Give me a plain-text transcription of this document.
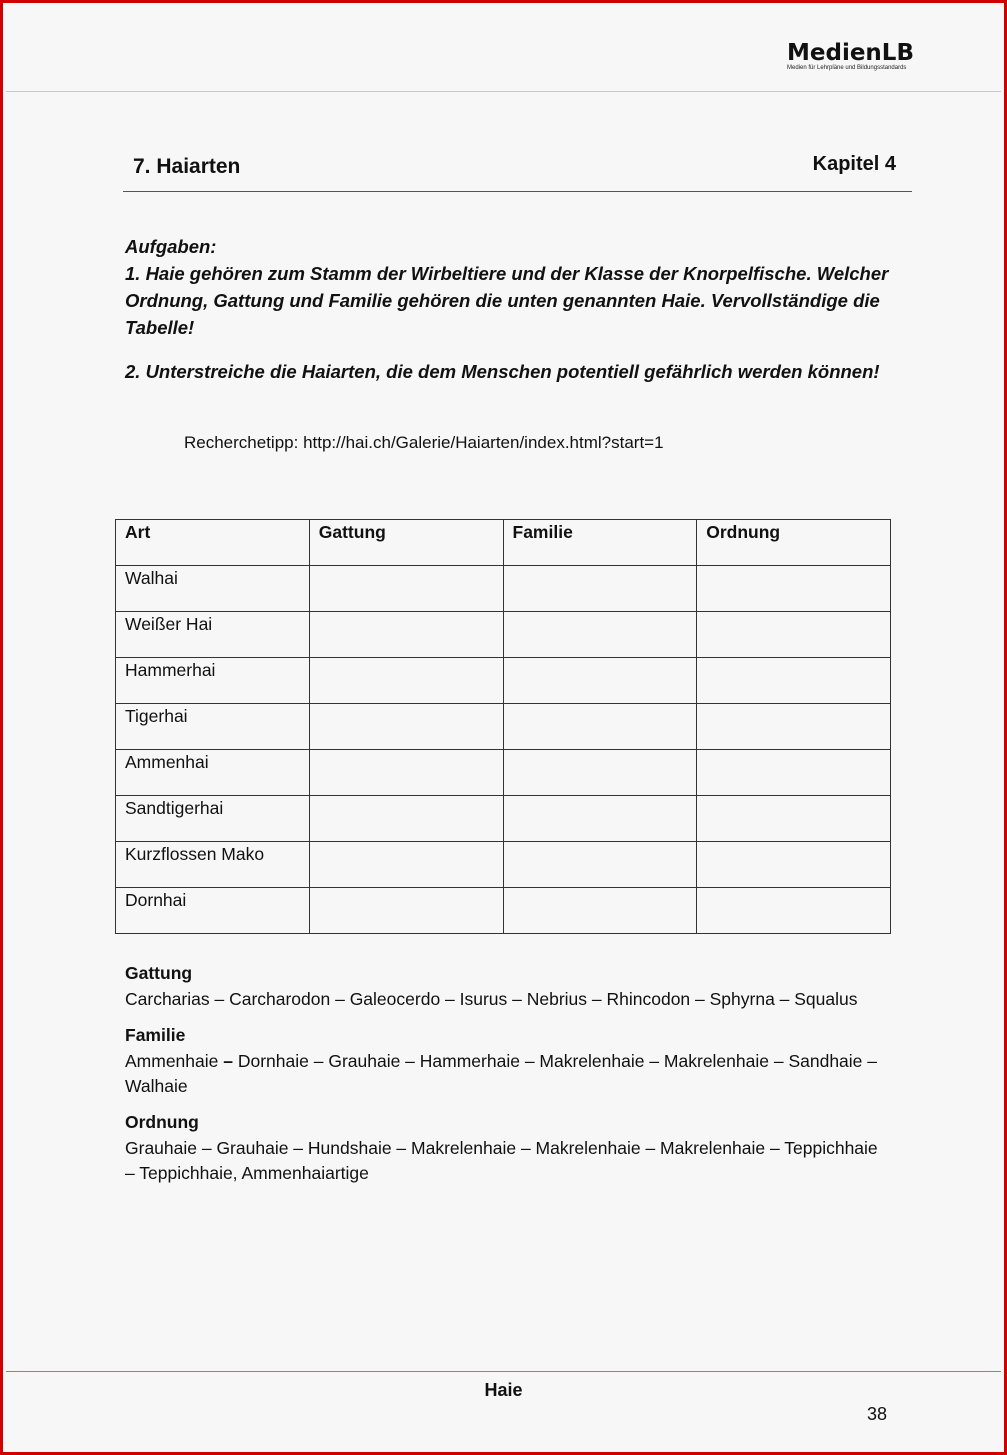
MedienLB
Medien für Lehrpläne und Bildungsstandards
7. Haiarten	Kapitel 4

Aufgaben:

1. Haie gehören zum Stamm der Wirbeltiere und der Klasse der Knorpelfische. Welcher Ordnung, Gattung und Familie gehören die unten genannten Haie. Vervollständige die Tabelle!

2. Unterstreiche die Haiarten, die dem Menschen potentiell gefährlich werden können!

Recherchetipp: http://hai.ch/Galerie/Haiarten/index.html?start=1
Art	Gattung	Familie	Ordnung
Walhai			
Weißer Hai			
Hammerhai			
Tigerhai			
Ammenhai			
Sandtigerhai			
Kurzflossen Mako			
Dornhai			
Gattung
Carcharias – Carcharodon – Galeocerdo – Isurus – Nebrius – Rhincodon – Sphyrna – Squalus
Familie
Ammenhaie – Dornhaie – Grauhaie – Hammerhaie – Makrelenhaie – Makrelenhaie – Sandhaie – Walhaie
Ordnung
Grauhaie – Grauhaie – Hundshaie – Makrelenhaie – Makrelenhaie – Makrelenhaie – Teppichhaie – Teppichhaie, Ammenhaiartige
Haie
38
